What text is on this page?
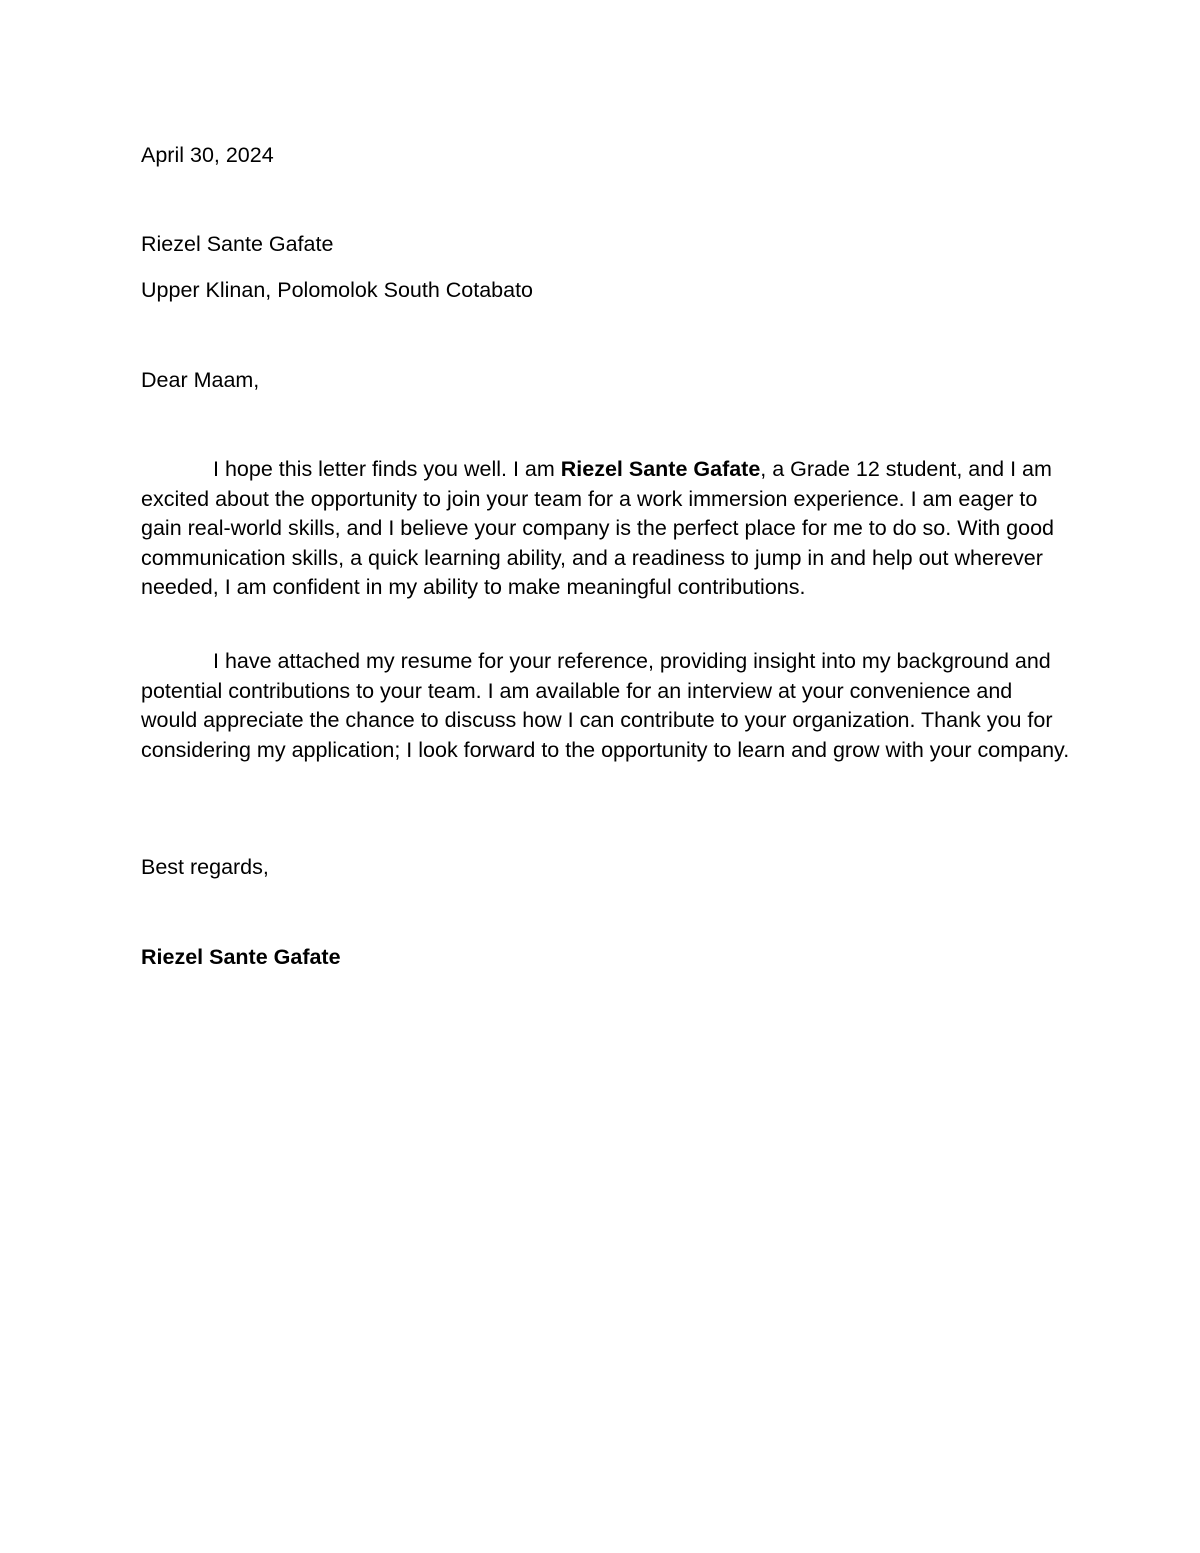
April 30, 2024
Riezel Sante Gafate
Upper Klinan, Polomolok South Cotabato
Dear Maam,

I hope this letter finds you well. I am Riezel Sante Gafate, a Grade 12 student, and I am excited about the opportunity to join your team for a work immersion experience. I am eager to gain real-world skills, and I believe your company is the perfect place for me to do so. With good communication skills, a quick learning ability, and a readiness to jump in and help out wherever needed, I am confident in my ability to make meaningful contributions.

I have attached my resume for your reference, providing insight into my background and potential contributions to your team. I am available for an interview at your convenience and would appreciate the chance to discuss how I can contribute to your organization. Thank you for considering my application; I look forward to the opportunity to learn and grow with your company.

Best regards,
Riezel Sante Gafate
